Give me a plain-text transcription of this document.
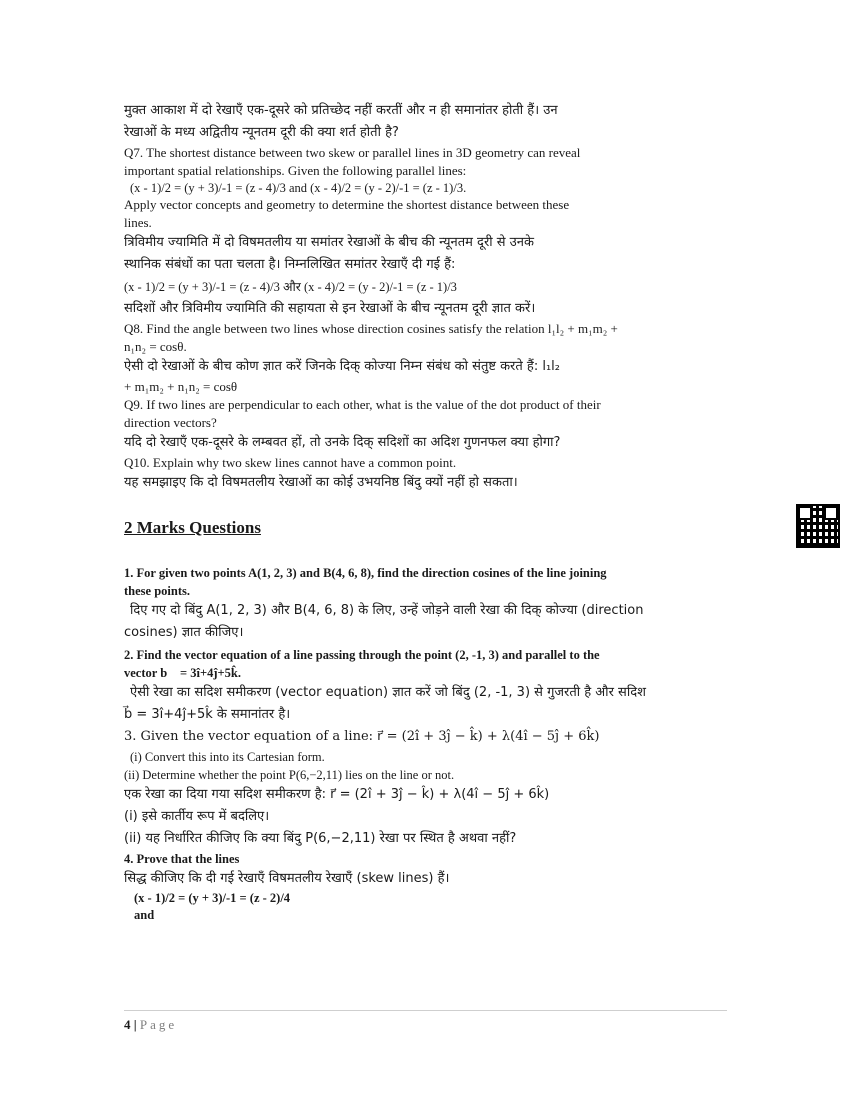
मुक्त आकाश में दो रेखाएँ एक-दूसरे को प्रतिच्छेद नहीं करतीं और न ही समानांतर होती हैं। उन

रेखाओं के मध्य अद्वितीय न्यूनतम दूरी की क्या शर्त होती है?

Q7. The shortest distance between two skew or parallel lines in 3D geometry can reveal

important spatial relationships. Given the following parallel lines:

(x - 1)/2 = (y + 3)/-1 = (z - 4)/3 and (x - 4)/2 = (y - 2)/-1 = (z - 1)/3.

Apply vector concepts and geometry to determine the shortest distance between these

lines.

त्रिविमीय ज्यामिति में दो विषमतलीय या समांतर रेखाओं के बीच की न्यूनतम दूरी से उनके

स्थानिक संबंधों का पता चलता है। निम्नलिखित समांतर रेखाएँ दी गई हैं:

(x - 1)/2 = (y + 3)/-1 = (z - 4)/3 और (x - 4)/2 = (y - 2)/-1 = (z - 1)/3

सदिशों और त्रिविमीय ज्यामिति की सहायता से इन रेखाओं के बीच न्यूनतम दूरी ज्ञात करें।

Q8. Find the angle between two lines whose direction cosines satisfy the relation l₁l₂ + m₁m₂ +

n₁n₂ = cosθ.

ऐसी दो रेखाओं के बीच कोण ज्ञात करें जिनके दिक् कोज्या निम्न संबंध को संतुष्ट करते हैं: l₁l₂

+ m₁m₂ + n₁n₂ = cosθ

Q9. If two lines are perpendicular to each other, what is the value of the dot product of their

direction vectors?

यदि दो रेखाएँ एक-दूसरे के लम्बवत हों, तो उनके दिक् सदिशों का अदिश गुणनफल क्या होगा?

Q10. Explain why two skew lines cannot have a common point.

यह समझाइए कि दो विषमतलीय रेखाओं का कोई उभयनिष्ठ बिंदु क्यों नहीं हो सकता।

2 Marks Questions

1. For given two points A(1, 2, 3) and B(4, 6, 8), find the direction cosines of the line joining

these points.

दिए गए दो बिंदु A(1, 2, 3) और B(4, 6, 8) के लिए, उन्हें जोड़ने वाली रेखा की दिक् कोज्या (direction

cosines) ज्ञात कीजिए।

2. Find the vector equation of a line passing through the point (2, -1, 3) and parallel to the

vector b⃗ = 3î+4ĵ+5k̂.

ऐसी रेखा का सदिश समीकरण (vector equation) ज्ञात करें जो बिंदु (2, -1, 3) से गुजरती है और सदिश

b⃗ = 3î+4ĵ+5k̂ के समानांतर है।

3. Given the vector equation of a line: r⃗ = (2î + 3ĵ − k̂) + λ(4î − 5ĵ + 6k̂)

(i) Convert this into its Cartesian form.

(ii) Determine whether the point P(6,−2,11) lies on the line or not.

एक रेखा का दिया गया सदिश समीकरण है: r⃗ = (2î + 3ĵ − k̂) + λ(4î − 5ĵ + 6k̂)

(i) इसे कार्तीय रूप में बदलिए।

(ii) यह निर्धारित कीजिए कि क्या बिंदु P(6,−2,11) रेखा पर स्थित है अथवा नहीं?

4. Prove that the lines

सिद्ध कीजिए कि दी गई रेखाएँ विषमतलीय रेखाएँ (skew lines) हैं।

(x - 1)/2 = (y + 3)/-1 = (z - 2)/4

and

4 | Page
